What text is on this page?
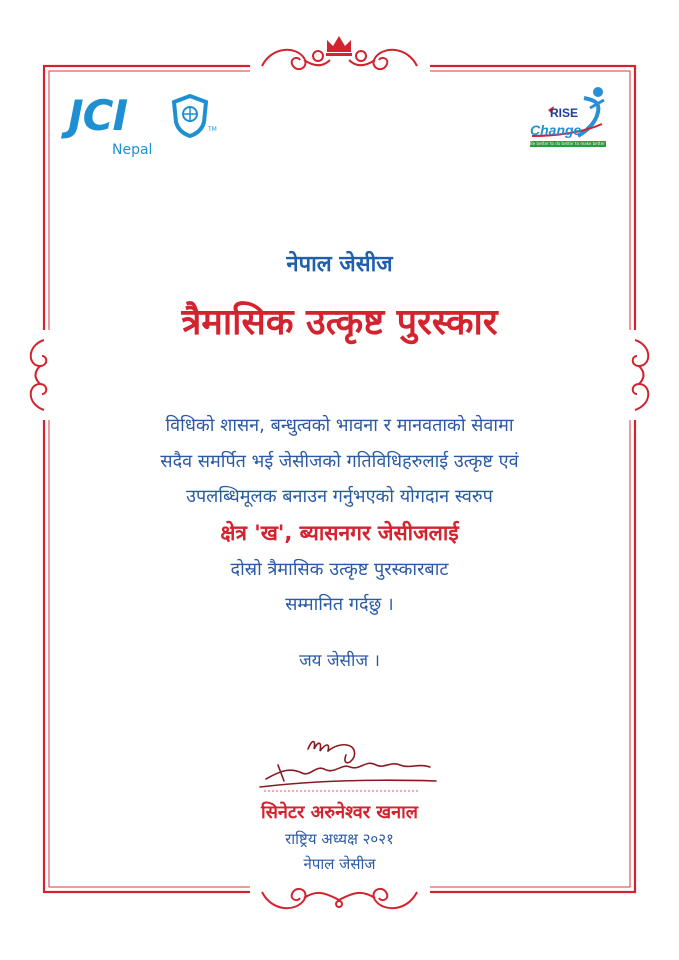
JCI	TM
Nepal
RISE
Change
Be better to do better to make better
नेपाल जेसीज
त्रैमासिक उत्कृष्ट पुरस्कार
विधिको शासन, बन्धुत्वको भावना र मानवताको सेवामा
सदैव समर्पित भई जेसीजको गतिविधिहरुलाई उत्कृष्ट एवं
उपलब्धिमूलक बनाउन गर्नुभएको योगदान स्वरुप
क्षेत्र 'ख', ब्यासनगर जेसीजलाई
दोस्रो त्रैमासिक उत्कृष्ट पुरस्कारबाट
सम्मानित गर्दछु ।
जय जेसीज ।
सिनेटर अरुनेश्वर खनाल
राष्ट्रिय अध्यक्ष २०२१
नेपाल जेसीज
